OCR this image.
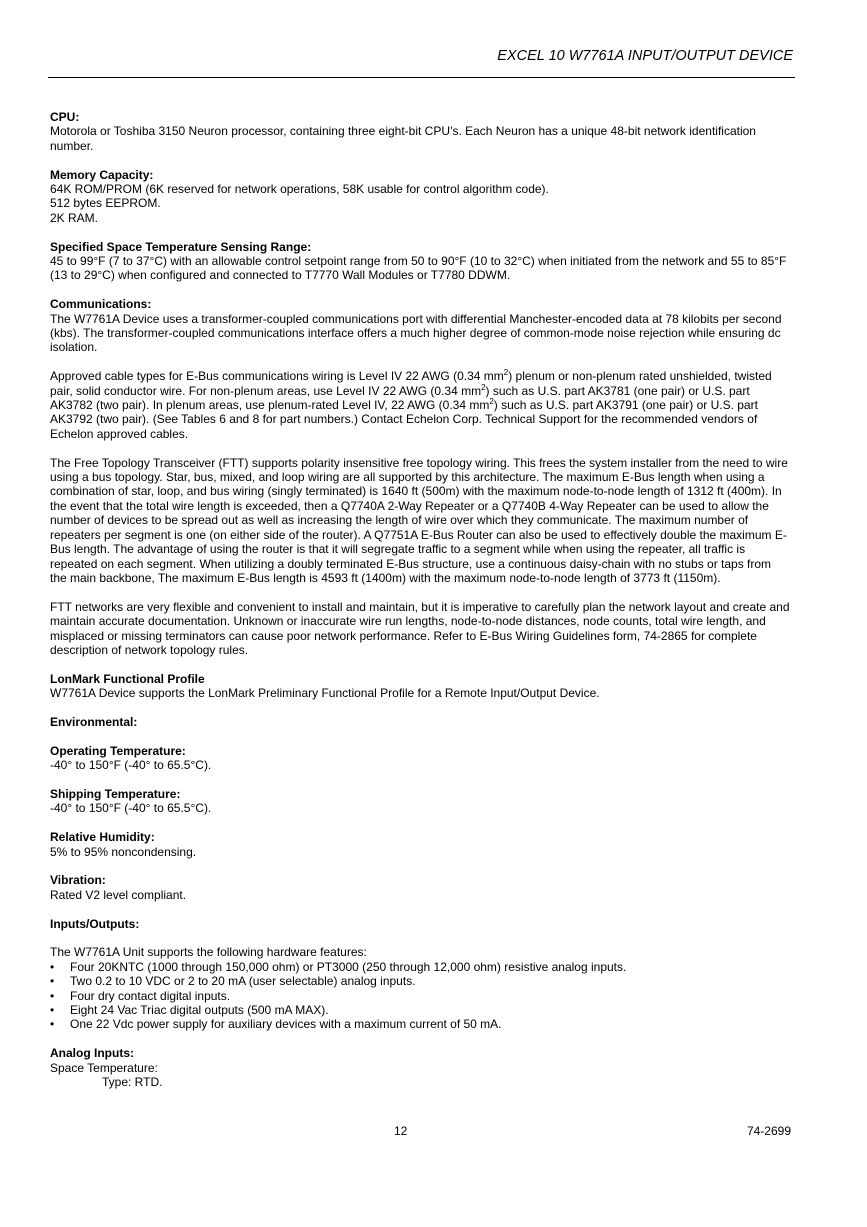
EXCEL 10 W7761A INPUT/OUTPUT DEVICE
CPU:
Motorola or Toshiba 3150 Neuron processor, containing three eight-bit CPU’s. Each Neuron has a unique 48-bit network identification number.
Memory Capacity:
64K ROM/PROM (6K reserved for network operations, 58K usable for control algorithm code).
512 bytes EEPROM.
2K RAM.
Specified Space Temperature Sensing Range:
45 to 99°F (7 to 37°C) with an allowable control setpoint range from 50 to 90°F (10 to 32°C) when initiated from the network and 55 to 85°F (13 to 29°C) when configured and connected to T7770 Wall Modules or T7780 DDWM.
Communications:

The W7761A Device uses a transformer-coupled communications port with differential Manchester-encoded data at 78 kilobits per second (kbs). The transformer-coupled communications interface offers a much higher degree of common-mode noise rejection while ensuring dc isolation.

Approved cable types for E-Bus communications wiring is Level IV 22 AWG (0.34 $mm^2$) plenum or non-plenum rated unshielded, twisted pair, solid conductor wire. For non-plenum areas, use Level IV 22 AWG (0.34 $mm^2$) such as U.S. part AK3781 (one pair) or U.S. part AK3782 (two pair). In plenum areas, use plenum-rated Level IV, 22 AWG (0.34 $mm^2$) such as U.S. part AK3791 (one pair) or U.S. part AK3792 (two pair). (See Tables 6 and 8 for part numbers.) Contact Echelon Corp. Technical Support for the recommended vendors of Echelon approved cables.

The Free Topology Transceiver (FTT) supports polarity insensitive free topology wiring. This frees the system installer from the need to wire using a bus topology. Star, bus, mixed, and loop wiring are all supported by this architecture. The maximum E-Bus length when using a combination of star, loop, and bus wiring (singly terminated) is 1640 ft (500m) with the maximum node-to-node length of 1312 ft (400m). In the event that the total wire length is exceeded, then a Q7740A 2-Way Repeater or a Q7740B 4-Way Repeater can be used to allow the number of devices to be spread out as well as increasing the length of wire over which they communicate. The maximum number of repeaters per segment is one (on either side of the router). A Q7751A E-Bus Router can also be used to effectively double the maximum E-Bus length. The advantage of using the router is that it will segregate traffic to a segment while when using the repeater, all traffic is repeated on each segment. When utilizing a doubly terminated E-Bus structure, use a continuous daisy-chain with no stubs or taps from the main backbone, The maximum E-Bus length is 4593 ft (1400m) with the maximum node-to-node length of 3773 ft (1150m).

FTT networks are very flexible and convenient to install and maintain, but it is imperative to carefully plan the network layout and create and maintain accurate documentation. Unknown or inaccurate wire run lengths, node-to-node distances, node counts, total wire length, and misplaced or missing terminators can cause poor network performance. Refer to E-Bus Wiring Guidelines form, 74-2865 for complete description of network topology rules.

LonMark Functional Profile
W7761A Device supports the LonMark Preliminary Functional Profile for a Remote Input/Output Device.
Environmental:
Operating Temperature:
-40° to 150°F (-40° to 65.5°C).
Shipping Temperature:
-40° to 150°F (-40° to 65.5°C).
Relative Humidity:
5% to 95% noncondensing.
Vibration:
Rated V2 level compliant.
Inputs/Outputs:
The W7761A Unit supports the following hardware features:
• Four 20KNTC (1000 through 150,000 ohm) or PT3000 (250 through 12,000 ohm) resistive analog inputs.
• Two 0.2 to 10 VDC or 2 to 20 mA (user selectable) analog inputs.
• Four dry contact digital inputs.
• Eight 24 Vac Triac digital outputs (500 mA MAX).
• One 22 Vdc power supply for auxiliary devices with a maximum current of 50 mA.
Analog Inputs:
Space Temperature:
Type: RTD.
12	74-2699
